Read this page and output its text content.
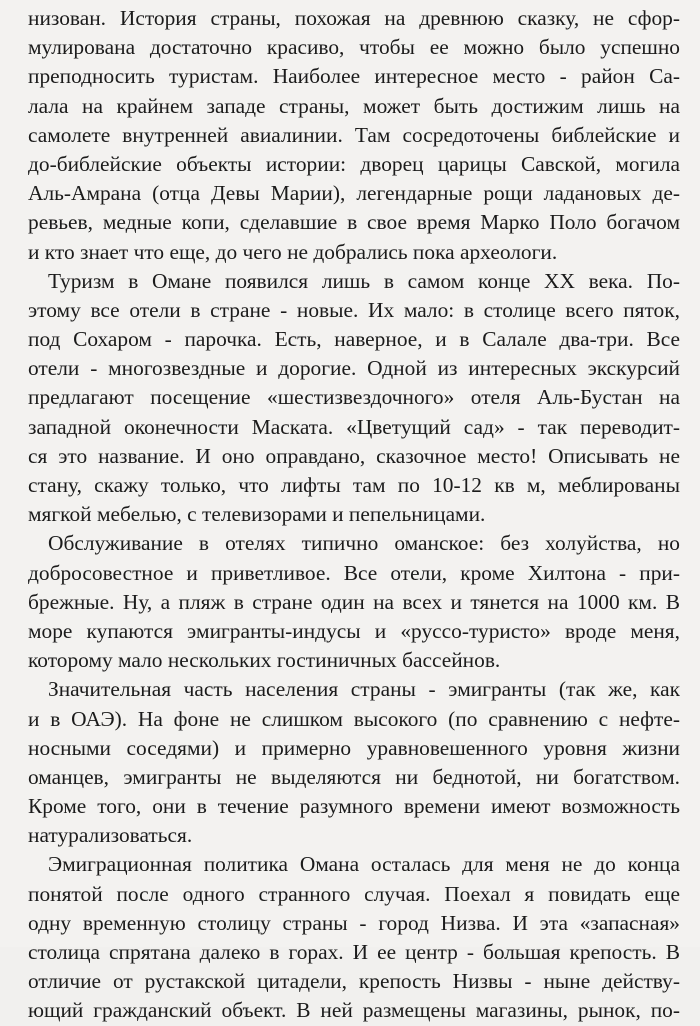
низован. История страны, похожая на древнюю сказку, не сфор-
мулирована достаточно красиво, чтобы ее можно было успешно
преподносить туристам. Наиболее интересное место - район Са-
лала на крайнем западе страны, может быть достижим лишь на
самолете внутренней авиалинии. Там сосредоточены библейские и
до-библейские объекты истории: дворец царицы Савской, могила
Аль-Амрана (отца Девы Марии), легендарные рощи ладановых де-
ревьев, медные копи, сделавшие в свое время Марко Поло богачом
и кто знает что еще, до чего не добрались пока археологи.
Туризм в Омане появился лишь в самом конце XX века. По-
этому все отели в стране - новые. Их мало: в столице всего пяток,
под Сохаром - парочка. Есть, наверное, и в Салале два-три. Все
отели - многозвездные и дорогие. Одной из интересных экскурсий
предлагают посещение «шестизвездочного» отеля Аль-Бустан на
западной оконечности Маската. «Цветущий сад» - так переводит-
ся это название. И оно оправдано, сказочное место! Описывать не
стану, скажу только, что лифты там по 10-12 кв м, меблированы
мягкой мебелью, с телевизорами и пепельницами.
Обслуживание в отелях типично оманское: без холуйства, но
добросовестное и приветливое. Все отели, кроме Хилтона - при-
брежные. Ну, а пляж в стране один на всех и тянется на 1000 км. В
море купаются эмигранты-индусы и «руссо-туристо» вроде меня,
которому мало нескольких гостиничных бассейнов.
Значительная часть населения страны - эмигранты (так же, как
и в ОАЭ). На фоне не слишком высокого (по сравнению с нефте-
носными соседями) и примерно уравновешенного уровня жизни
оманцев, эмигранты не выделяются ни беднотой, ни богатством.
Кроме того, они в течение разумного времени имеют возможность
натурализоваться.
Эмиграционная политика Омана осталась для меня не до конца
понятой после одного странного случая. Поехал я повидать еще
одну временную столицу страны - город Низва. И эта «запасная»
столица спрятана далеко в горах. И ее центр - большая крепость. В
отличие от рустакской цитадели, крепость Низвы - ныне действу-
ющий гражданский объект. В ней размещены магазины, рынок, по-
